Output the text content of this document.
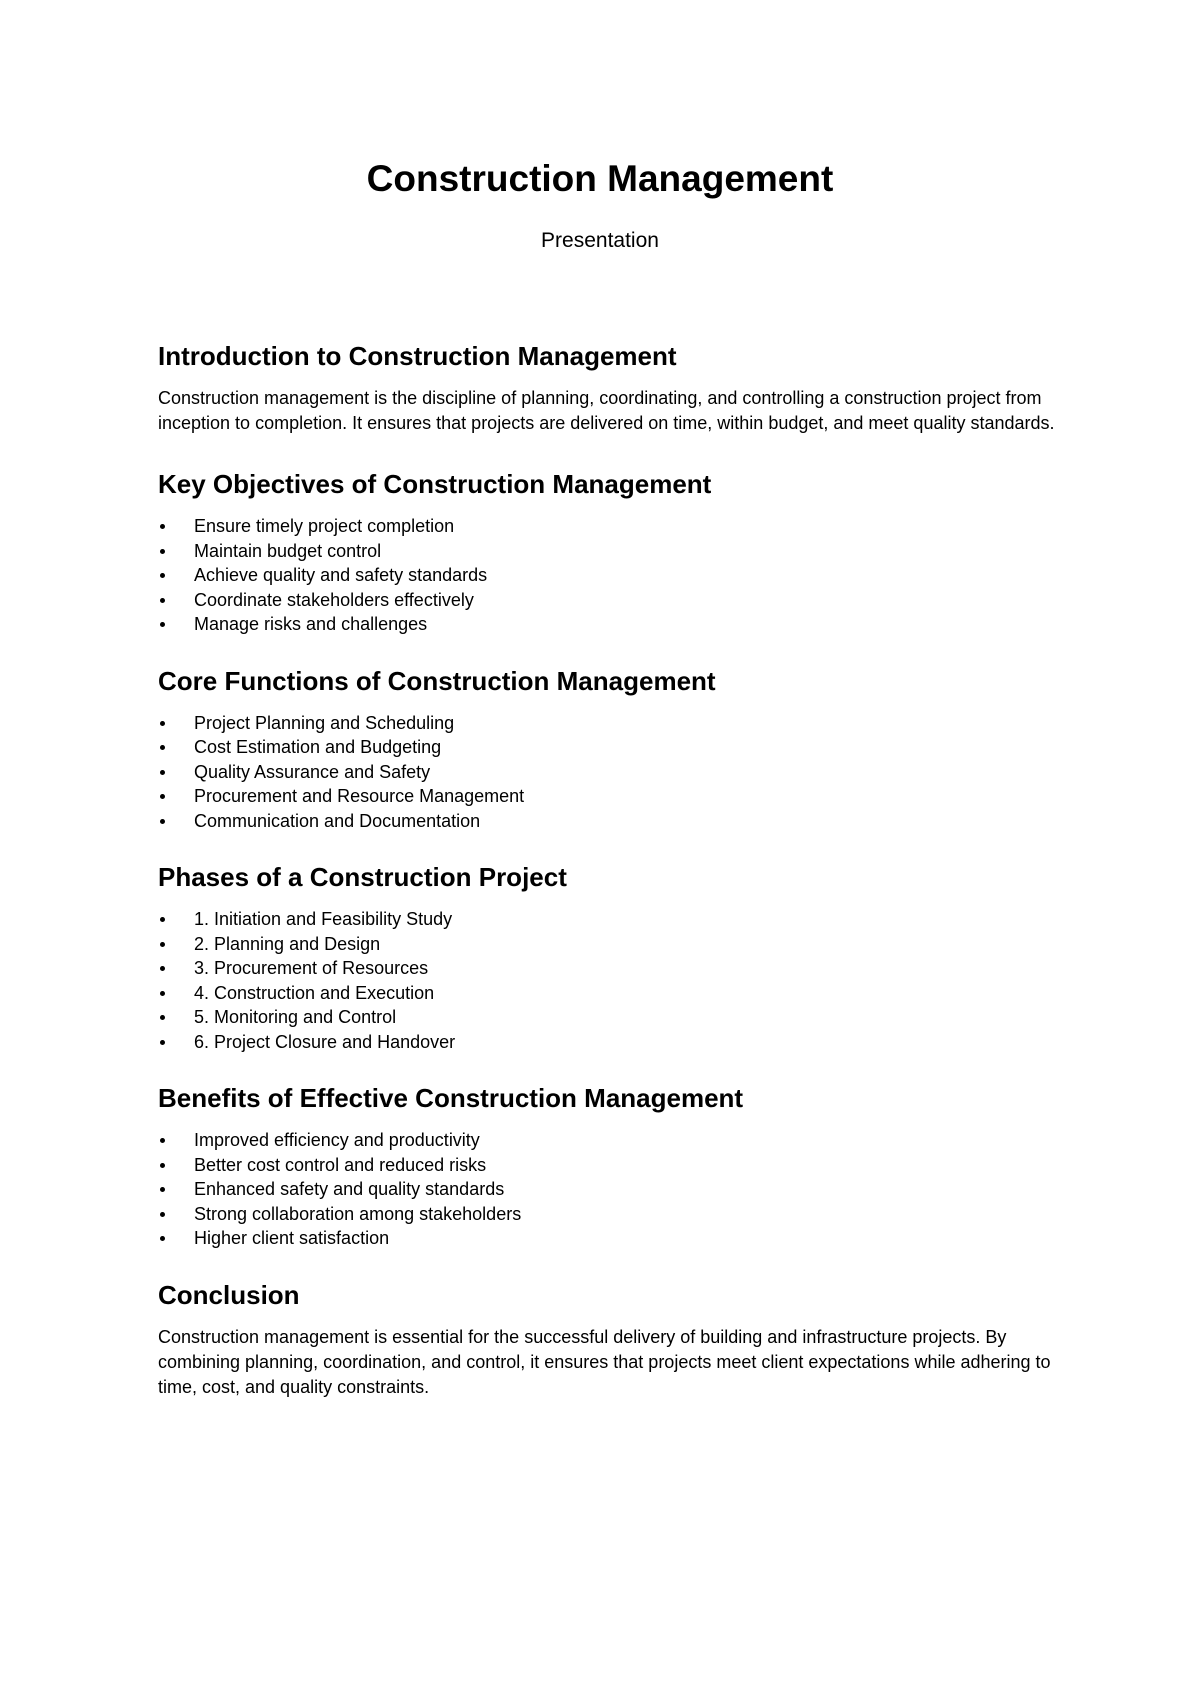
Construction Management
Presentation
Introduction to Construction Management

Construction management is the discipline of planning, coordinating, and controlling a construction project from inception to completion. It ensures that projects are delivered on time, within budget, and meet quality standards.

Key Objectives of Construction Management
Ensure timely project completion
Maintain budget control
Achieve quality and safety standards
Coordinate stakeholders effectively
Manage risks and challenges
Core Functions of Construction Management
Project Planning and Scheduling
Cost Estimation and Budgeting
Quality Assurance and Safety
Procurement and Resource Management
Communication and Documentation
Phases of a Construction Project
1. Initiation and Feasibility Study
2. Planning and Design
3. Procurement of Resources
4. Construction and Execution
5. Monitoring and Control
6. Project Closure and Handover
Benefits of Effective Construction Management
Improved efficiency and productivity
Better cost control and reduced risks
Enhanced safety and quality standards
Strong collaboration among stakeholders
Higher client satisfaction
Conclusion

Construction management is essential for the successful delivery of building and infrastructure projects. By combining planning, coordination, and control, it ensures that projects meet client expectations while adhering to time, cost, and quality constraints.
